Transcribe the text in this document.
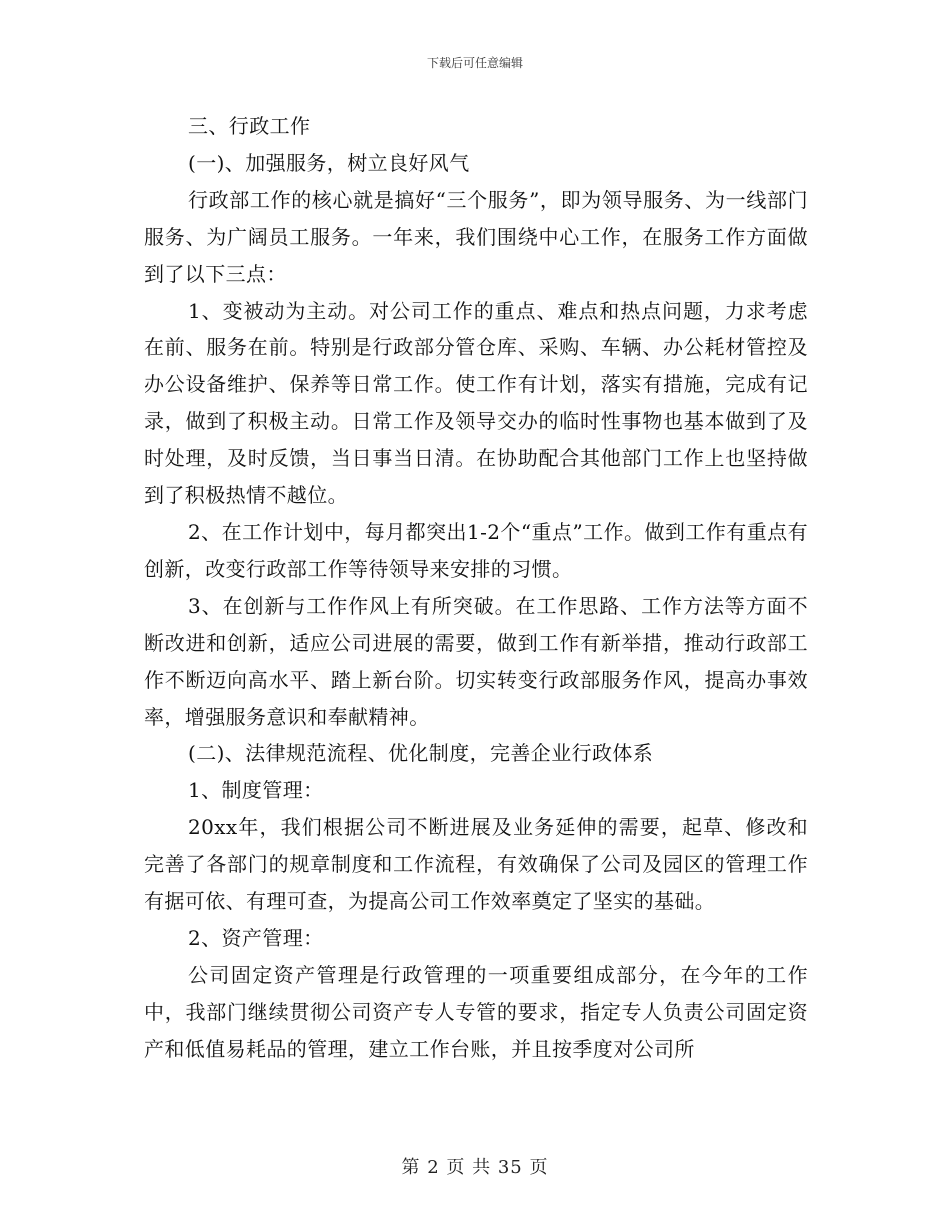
下载后可任意编辑

三、行政工作

(一)、加强服务，树立良好风气

行政部工作的核心就是搞好“三个服务”，即为领导服务、为一线部门服务、为广阔员工服务。一年来，我们围绕中心工作，在服务工作方面做到了以下三点：

1、变被动为主动。对公司工作的重点、难点和热点问题，力求考虑在前、服务在前。特别是行政部分管仓库、采购、车辆、办公耗材管控及办公设备维护、保养等日常工作。使工作有计划，落实有措施，完成有记录，做到了积极主动。日常工作及领导交办的临时性事物也基本做到了及时处理，及时反馈，当日事当日清。在协助配合其他部门工作上也坚持做到了积极热情不越位。

2、在工作计划中，每月都突出1-2个“重点”工作。做到工作有重点有创新，改变行政部工作等待领导来安排的习惯。

3、在创新与工作作风上有所突破。在工作思路、工作方法等方面不断改进和创新，适应公司进展的需要，做到工作有新举措，推动行政部工作不断迈向高水平、踏上新台阶。切实转变行政部服务作风，提高办事效率，增强服务意识和奉献精神。

(二)、法律规范流程、优化制度，完善企业行政体系

1、制度管理：

20xx年，我们根据公司不断进展及业务延伸的需要，起草、修改和完善了各部门的规章制度和工作流程，有效确保了公司及园区的管理工作有据可依、有理可查，为提高公司工作效率奠定了坚实的基础。

2、资产管理：

公司固定资产管理是行政管理的一项重要组成部分，在今年的工作中，我部门继续贯彻公司资产专人专管的要求，指定专人负责公司固定资产和低值易耗品的管理，建立工作台账，并且按季度对公司所

第 2 页 共 35 页
